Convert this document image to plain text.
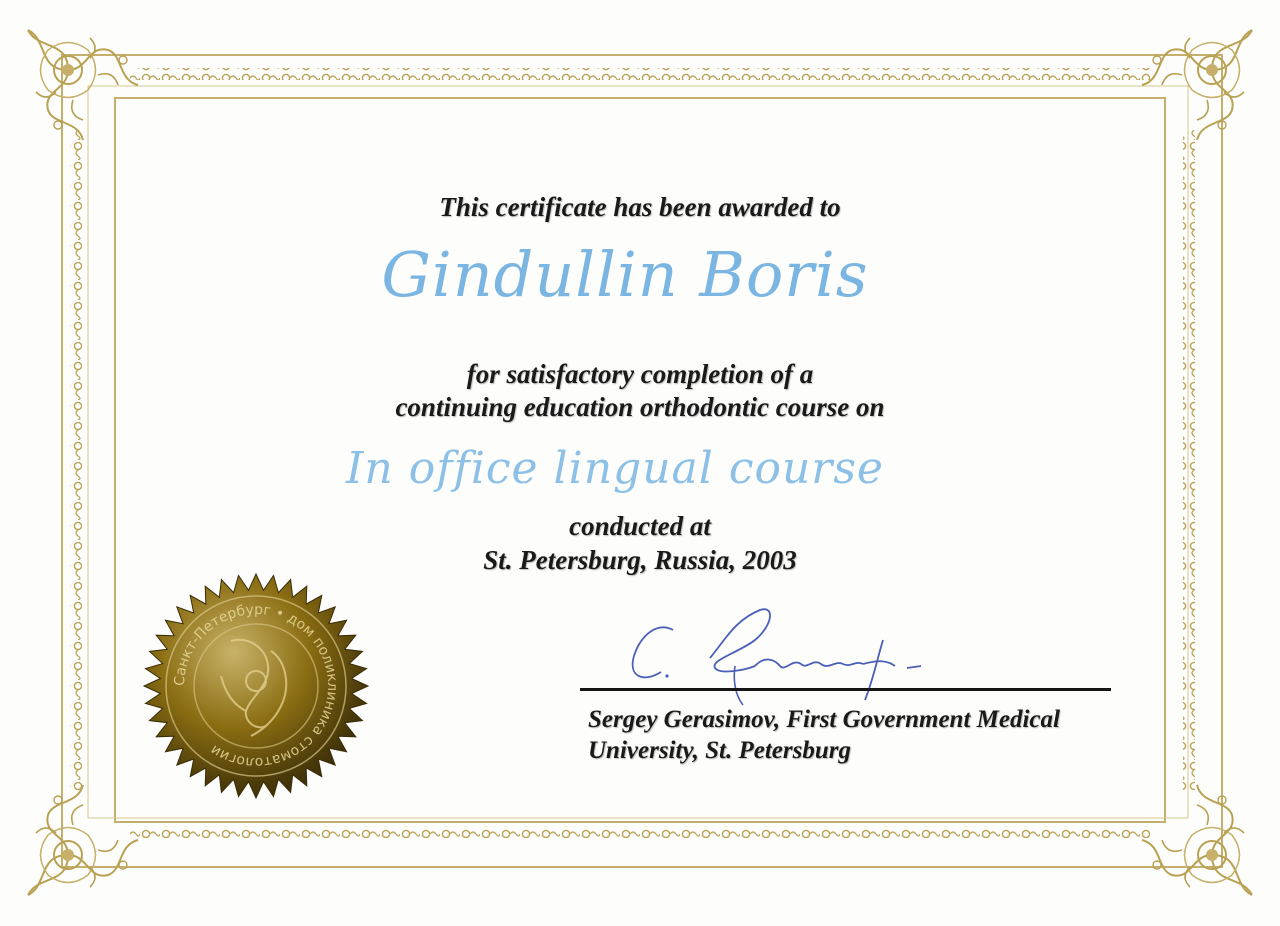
This certificate has been awarded to

Gindullin Boris

for satisfactory completion of a

continuing education orthodontic course on

In office lingual course

conducted at

St. Petersburg, Russia, 2003

Sergey Gerasimov, First Government Medical

University, St. Petersburg

Санкт-Петербург • дом поликлиника стоматологии
